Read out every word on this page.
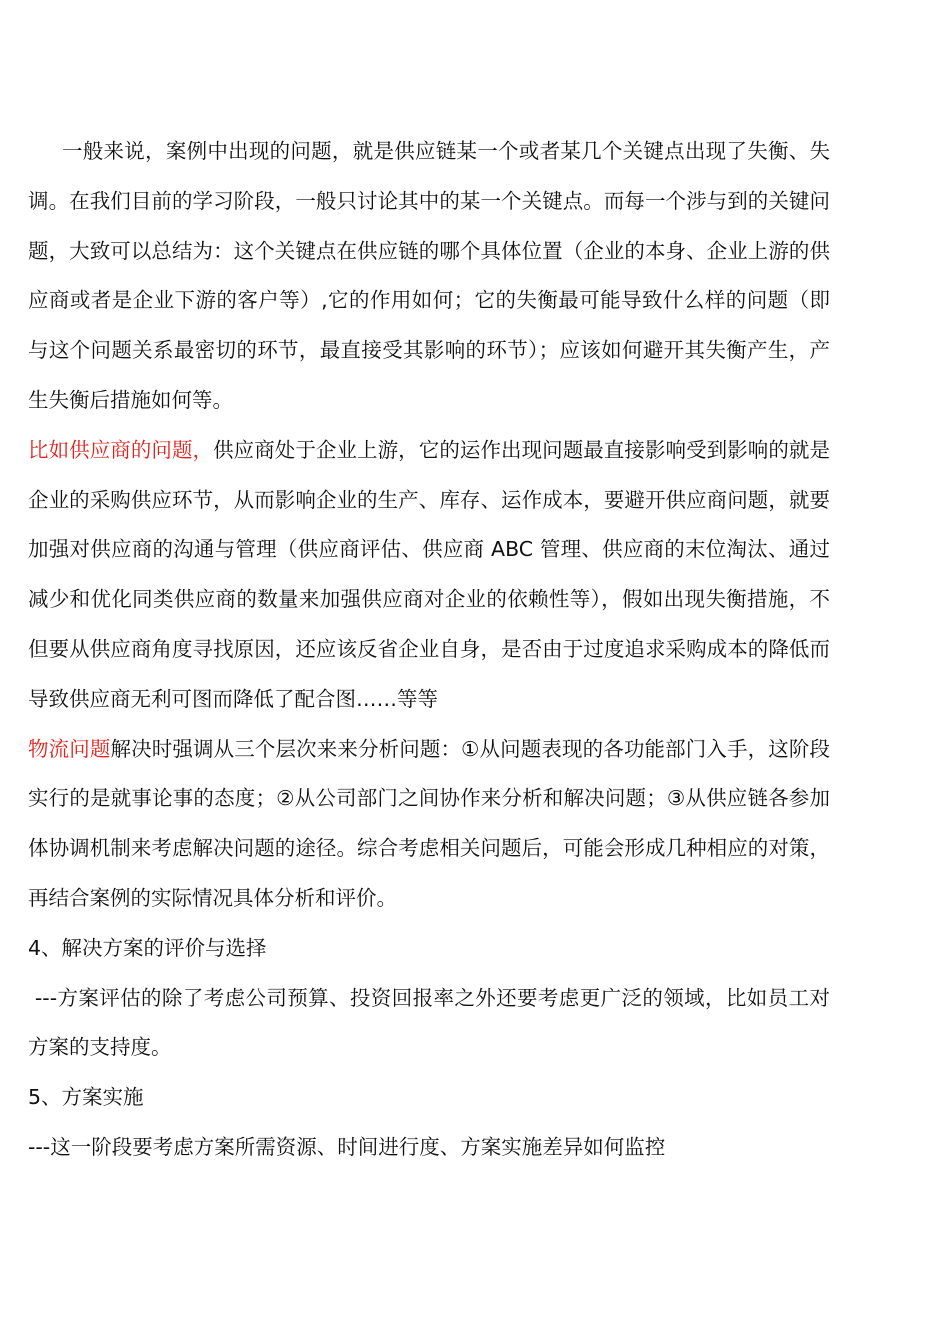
一般来说，案例中出现的问题，就是供应链某一个或者某几个关键点出现了失衡、失调。在我们目前的学习阶段，一般只讨论其中的某一个关键点。而每一个涉与到的关键问题，大致可以总结为：这个关键点在供应链的哪个具体位置（企业的本身、企业上游的供应商或者是企业下游的客户等）,它的作用如何；它的失衡最可能导致什么样的问题（即与这个问题关系最密切的环节，最直接受其影响的环节）；应该如何避开其失衡产生，产生失衡后措施如何等。

比如供应商的问题，供应商处于企业上游，它的运作出现问题最直接影响受到影响的就是企业的采购供应环节，从而影响企业的生产、库存、运作成本，要避开供应商问题，就要加强对供应商的沟通与管理（供应商评估、供应商 ABC 管理、供应商的末位淘汰、通过减少和优化同类供应商的数量来加强供应商对企业的依赖性等），假如出现失衡措施，不但要从供应商角度寻找原因，还应该反省企业自身，是否由于过度追求采购成本的降低而导致供应商无利可图而降低了配合图……等等

物流问题解决时强调从三个层次来来分析问题：①从问题表现的各功能部门入手，这阶段实行的是就事论事的态度；②从公司部门之间协作来分析和解决问题；③从供应链各参加体协调机制来考虑解决问题的途径。综合考虑相关问题后，可能会形成几种相应的对策，再结合案例的实际情况具体分析和评价。

4、解决方案的评价与选择

---方案评估的除了考虑公司预算、投资回报率之外还要考虑更广泛的领域，比如员工对方案的支持度。

5、方案实施

---这一阶段要考虑方案所需资源、时间进行度、方案实施差异如何监控
